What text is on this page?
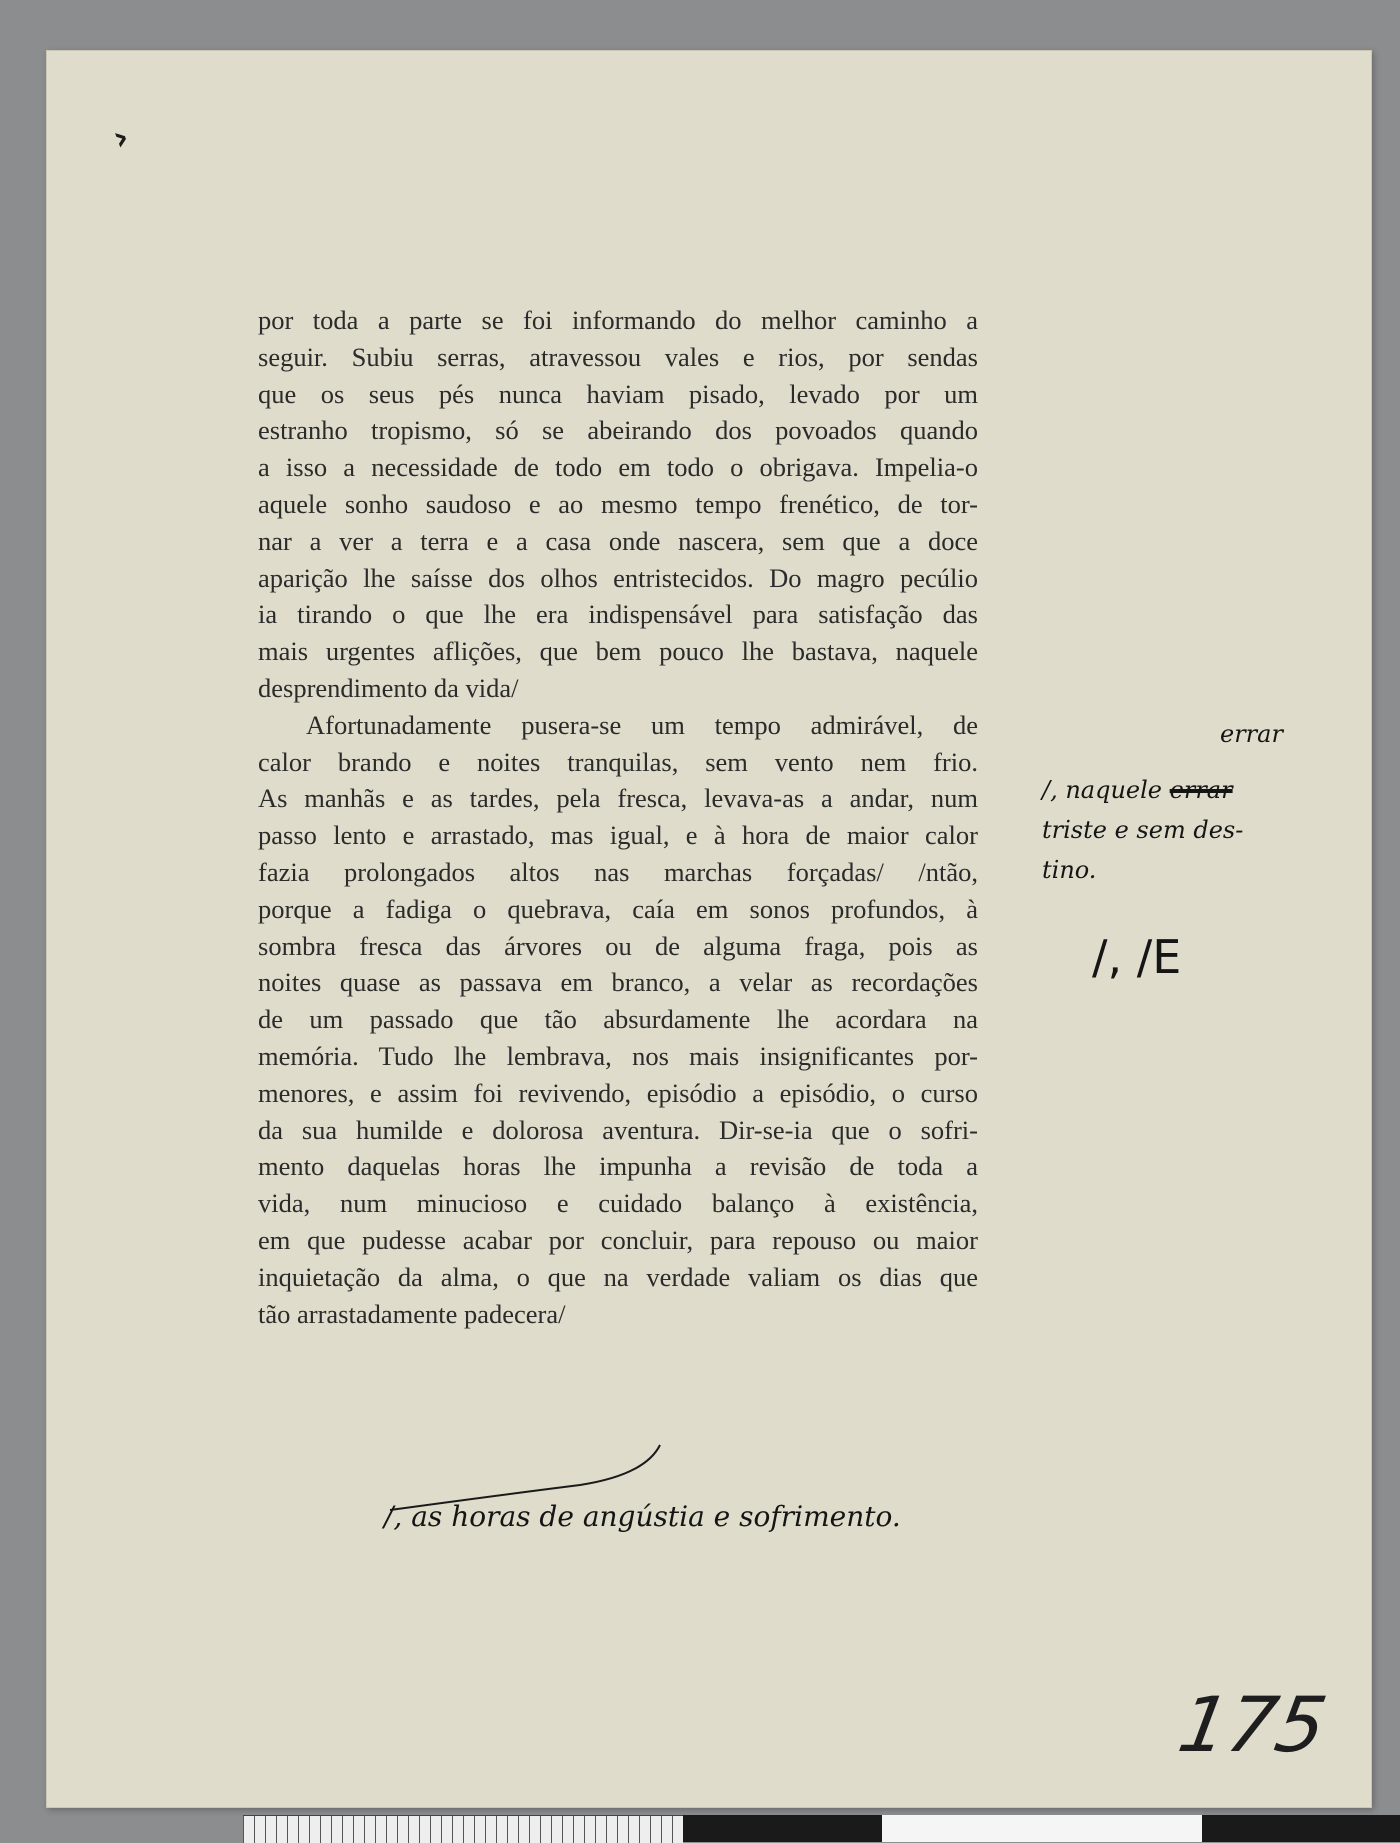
›
por toda a parte se foi informando do melhor caminho a
seguir. Subiu serras, atravessou vales e rios, por sendas
que os seus pés nunca haviam pisado, levado por um
estranho tropismo, só se abeirando dos povoados quando
a isso a necessidade de todo em todo o obrigava. Impelia-o
aquele sonho saudoso e ao mesmo tempo frenético, de tor-
nar a ver a terra e a casa onde nascera, sem que a doce
aparição lhe saísse dos olhos entristecidos. Do magro pecúlio
ia tirando o que lhe era indispensável para satisfação das
mais urgentes aflições, que bem pouco lhe bastava, naquele
desprendimento da vida/
Afortunadamente pusera-se um tempo admirável, de
calor brando e noites tranquilas, sem vento nem frio.
As manhãs e as tardes, pela fresca, levava-as a andar, num
passo lento e arrastado, mas igual, e à hora de maior calor
fazia prolongados altos nas marchas forçadas/ /ntão,
porque a fadiga o quebrava, caía em sonos profundos, à
sombra fresca das árvores ou de alguma fraga, pois as
noites quase as passava em branco, a velar as recordações
de um passado que tão absurdamente lhe acordara na
memória. Tudo lhe lembrava, nos mais insignificantes por-
menores, e assim foi revivendo, episódio a episódio, o curso
da sua humilde e dolorosa aventura. Dir-se-ia que o sofri-
mento daquelas horas lhe impunha a revisão de toda a
vida, num minucioso e cuidado balanço à existência,
em que pudesse acabar por concluir, para repouso ou maior
inquietação da alma, o que na verdade valiam os dias que
tão arrastadamente padecera/
errar
/, naquele errar
triste e sem des-
tino.
/, /E
/, as horas de angústia e sofrimento.
175
